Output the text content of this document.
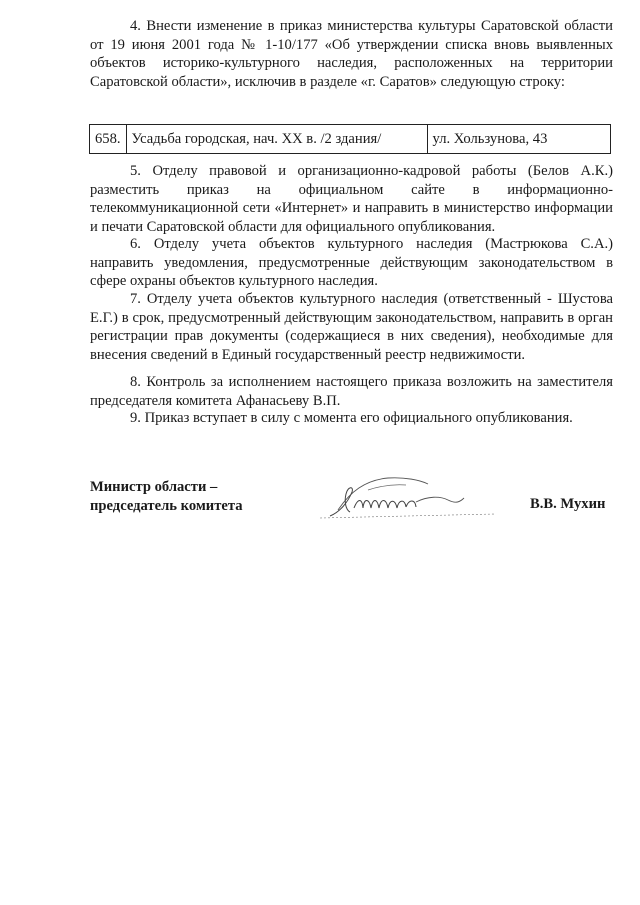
4. Внести изменение в приказ министерства культуры Саратовской области от 19 июня 2001 года № 1-10/177 «Об утверждении списка вновь выявленных объектов историко-культурного наследия, расположенных на территории Саратовской области», исключив в разделе «г. Саратов» следующую строку:

658.	Усадьба городская, нач. XX в. /2 здания/	ул. Хользунова, 43

5. Отделу правовой и организационно-кадровой работы (Белов А.К.) разместить приказ на официальном сайте в информационно-телекоммуникационной сети «Интернет» и направить в министерство информации и печати Саратовской области для официального опубликования.

6. Отделу учета объектов культурного наследия (Мастрюкова С.А.) направить уведомления, предусмотренные действующим законодательством в сфере охраны объектов культурного наследия.

7. Отделу учета объектов культурного наследия (ответственный - Шустова Е.Г.) в срок, предусмотренный действующим законодательством, направить в орган регистрации прав документы (содержащиеся в них сведения), необходимые для внесения сведений в Единый государственный реестр недвижимости.

8. Контроль за исполнением настоящего приказа возложить на заместителя председателя комитета Афанасьеву В.П.

9. Приказ вступает в силу с момента его официального опубликования.

Министр области –
председатель комитета	В.В. Мухин
